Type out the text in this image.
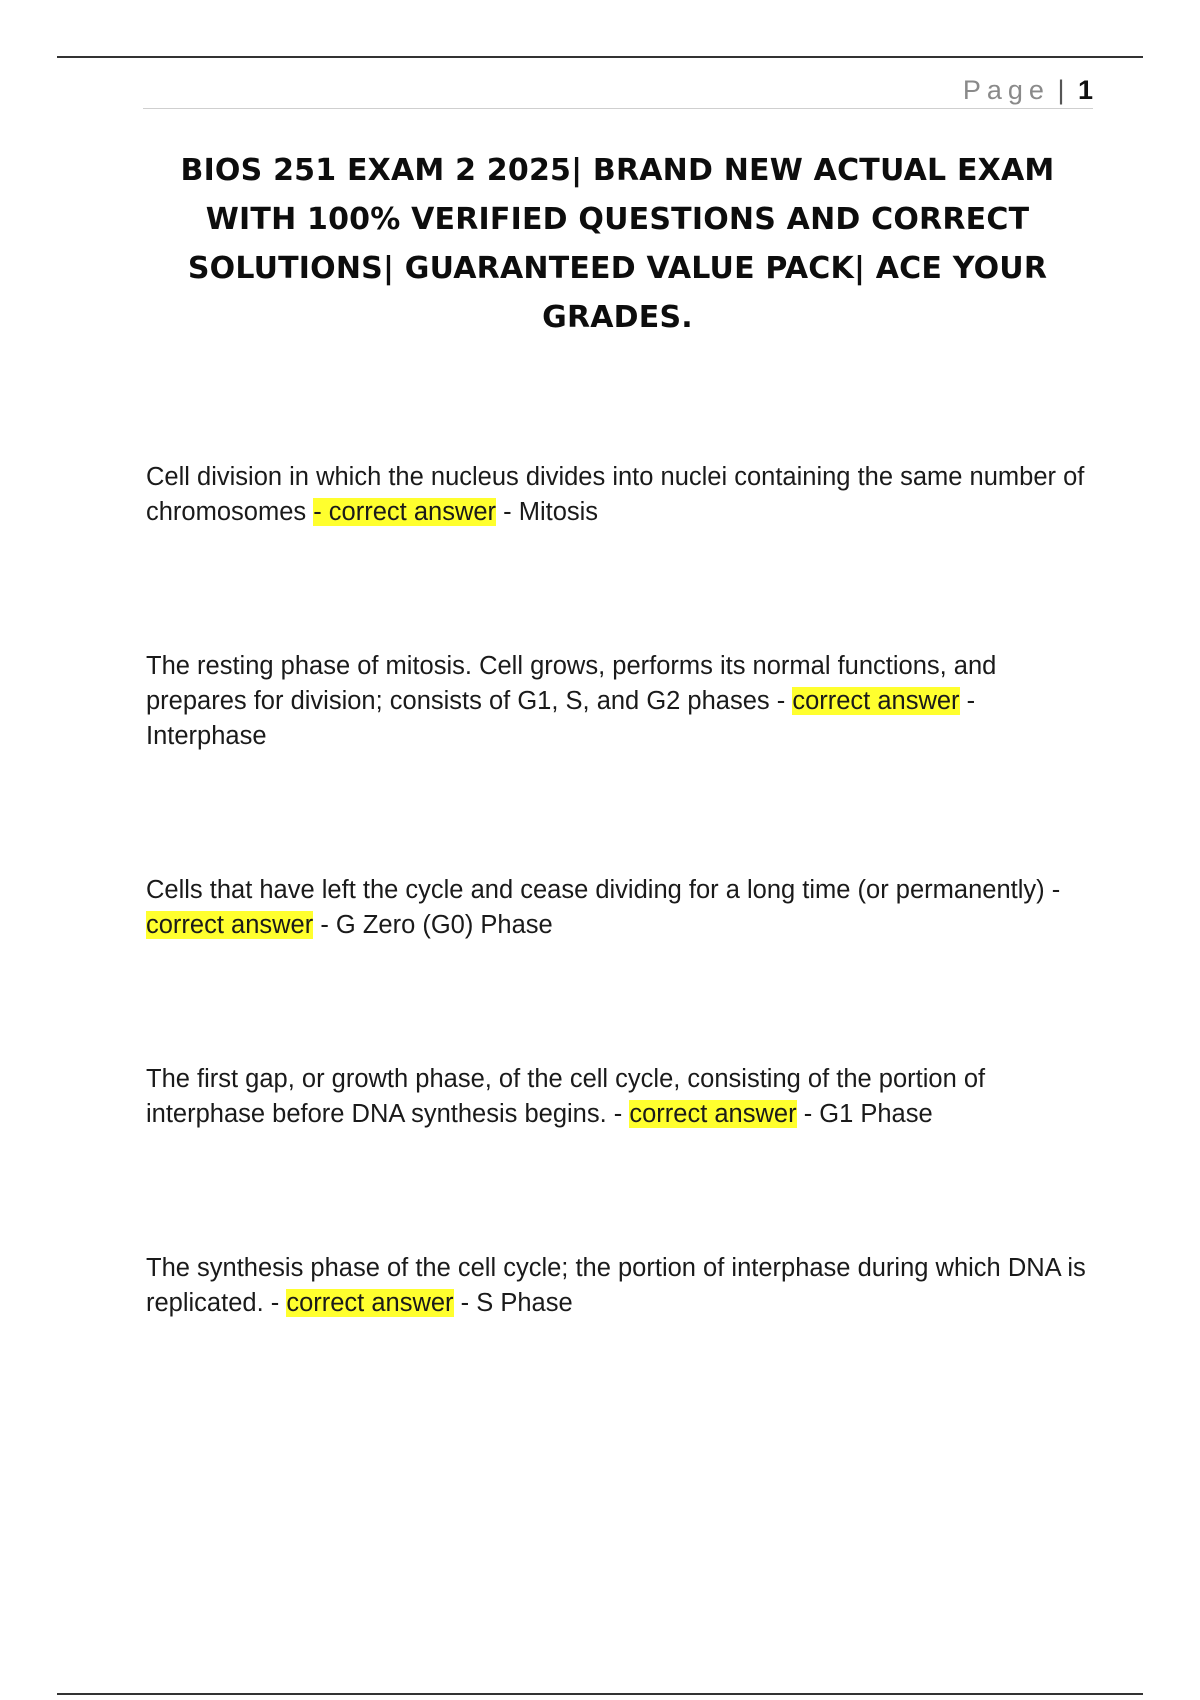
Page | 1
BIOS 251 EXAM 2 2025| BRAND NEW ACTUAL EXAM WITH 100% VERIFIED QUESTIONS AND CORRECT SOLUTIONS| GUARANTEED VALUE PACK| ACE YOUR GRADES.

Cell division in which the nucleus divides into nuclei containing the same number of chromosomes - correct answer - Mitosis

The resting phase of mitosis. Cell grows, performs its normal functions, and prepares for division; consists of G1, S, and G2 phases - correct answer - Interphase

Cells that have left the cycle and cease dividing for a long time (or permanently) - correct answer - G Zero (G0) Phase

The first gap, or growth phase, of the cell cycle, consisting of the portion of interphase before DNA synthesis begins. - correct answer - G1 Phase

The synthesis phase of the cell cycle; the portion of interphase during which DNA is replicated. - correct answer - S Phase
